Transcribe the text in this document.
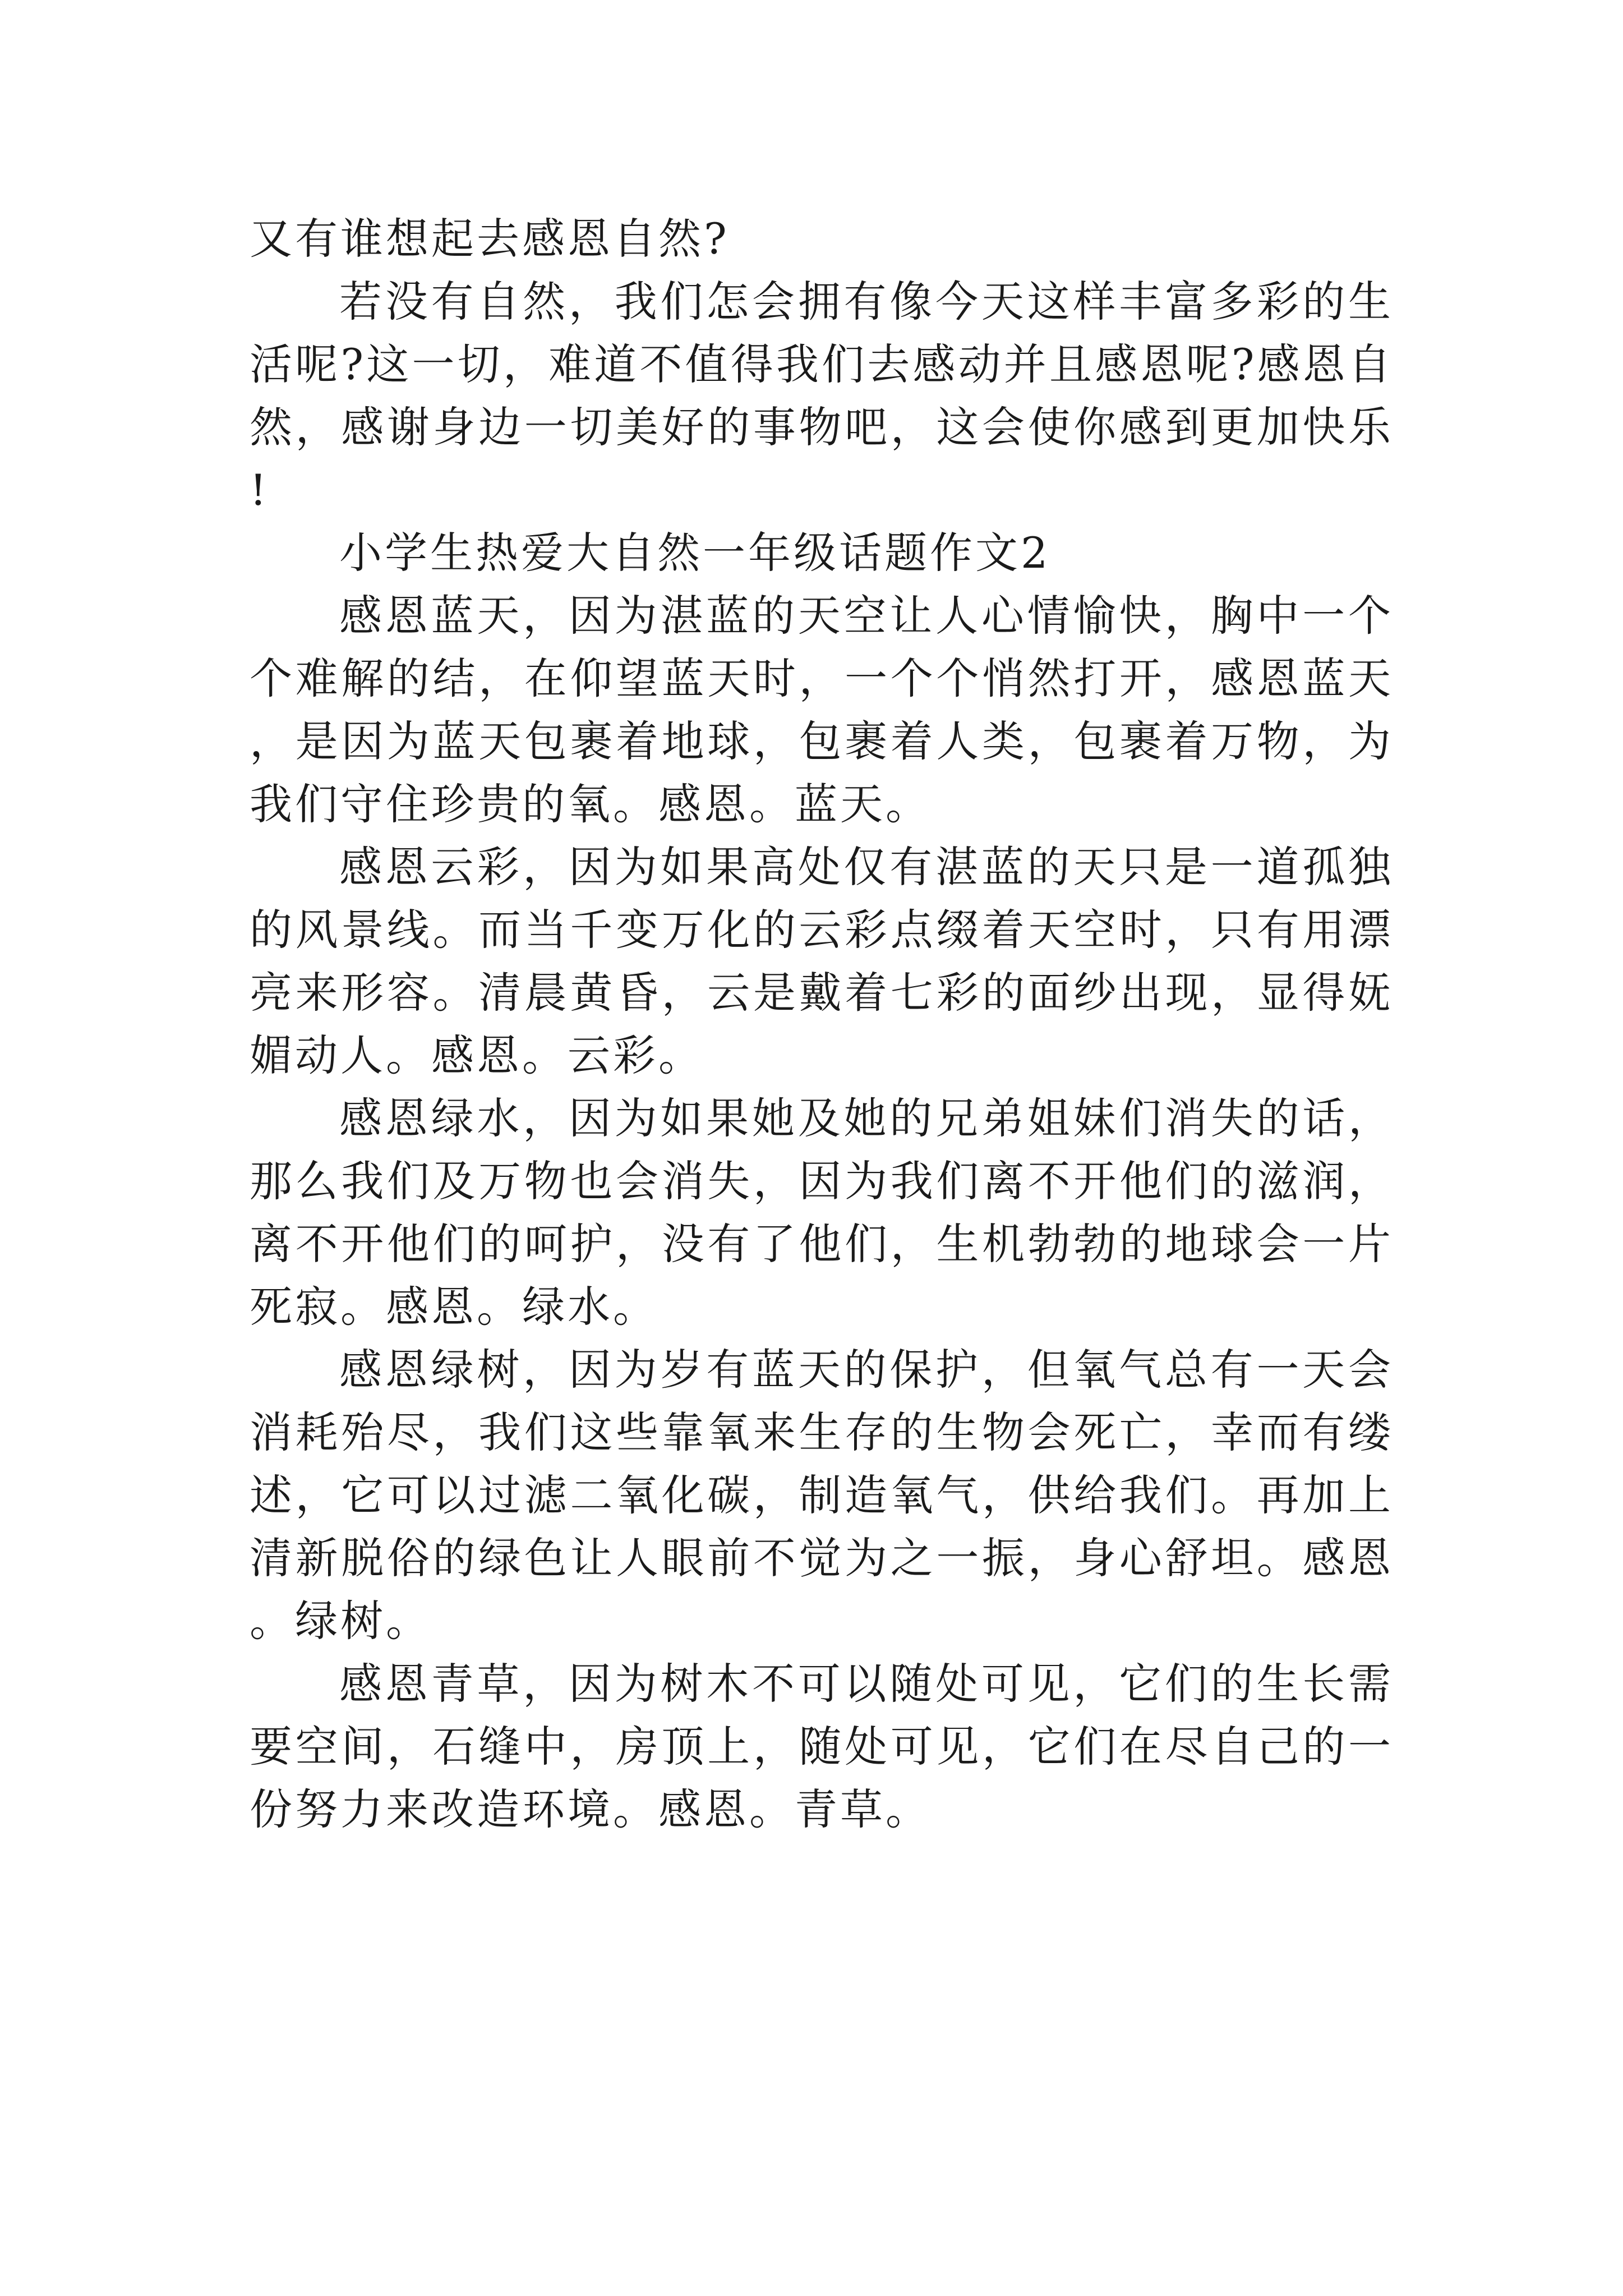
又有谁想起去感恩自然?

若没有自然，我们怎会拥有像今天这样丰富多彩的生活呢?这一切，难道不值得我们去感动并且感恩呢?感恩自然，感谢身边一切美好的事物吧，这会使你感到更加快乐!

小学生热爱大自然一年级话题作文2

感恩蓝天，因为湛蓝的天空让人心情愉快，胸中一个个难解的结，在仰望蓝天时，一个个悄然打开，感恩蓝天，是因为蓝天包裹着地球，包裹着人类，包裹着万物，为我们守住珍贵的氧。感恩。蓝天。

感恩云彩，因为如果高处仅有湛蓝的天只是一道孤独的风景线。而当千变万化的云彩点缀着天空时，只有用漂亮来形容。清晨黄昏，云是戴着七彩的面纱出现，显得妩媚动人。感恩。云彩。

感恩绿水，因为如果她及她的兄弟姐妹们消失的话，那么我们及万物也会消失，因为我们离不开他们的滋润，离不开他们的呵护，没有了他们，生机勃勃的地球会一片死寂。感恩。绿水。

感恩绿树，因为岁有蓝天的保护，但氧气总有一天会消耗殆尽，我们这些靠氧来生存的生物会死亡，幸而有缕述，它可以过滤二氧化碳，制造氧气，供给我们。再加上清新脱俗的绿色让人眼前不觉为之一振，身心舒坦。感恩。绿树。

感恩青草，因为树木不可以随处可见，它们的生长需要空间，石缝中，房顶上，随处可见，它们在尽自己的一份努力来改造环境。感恩。青草。
